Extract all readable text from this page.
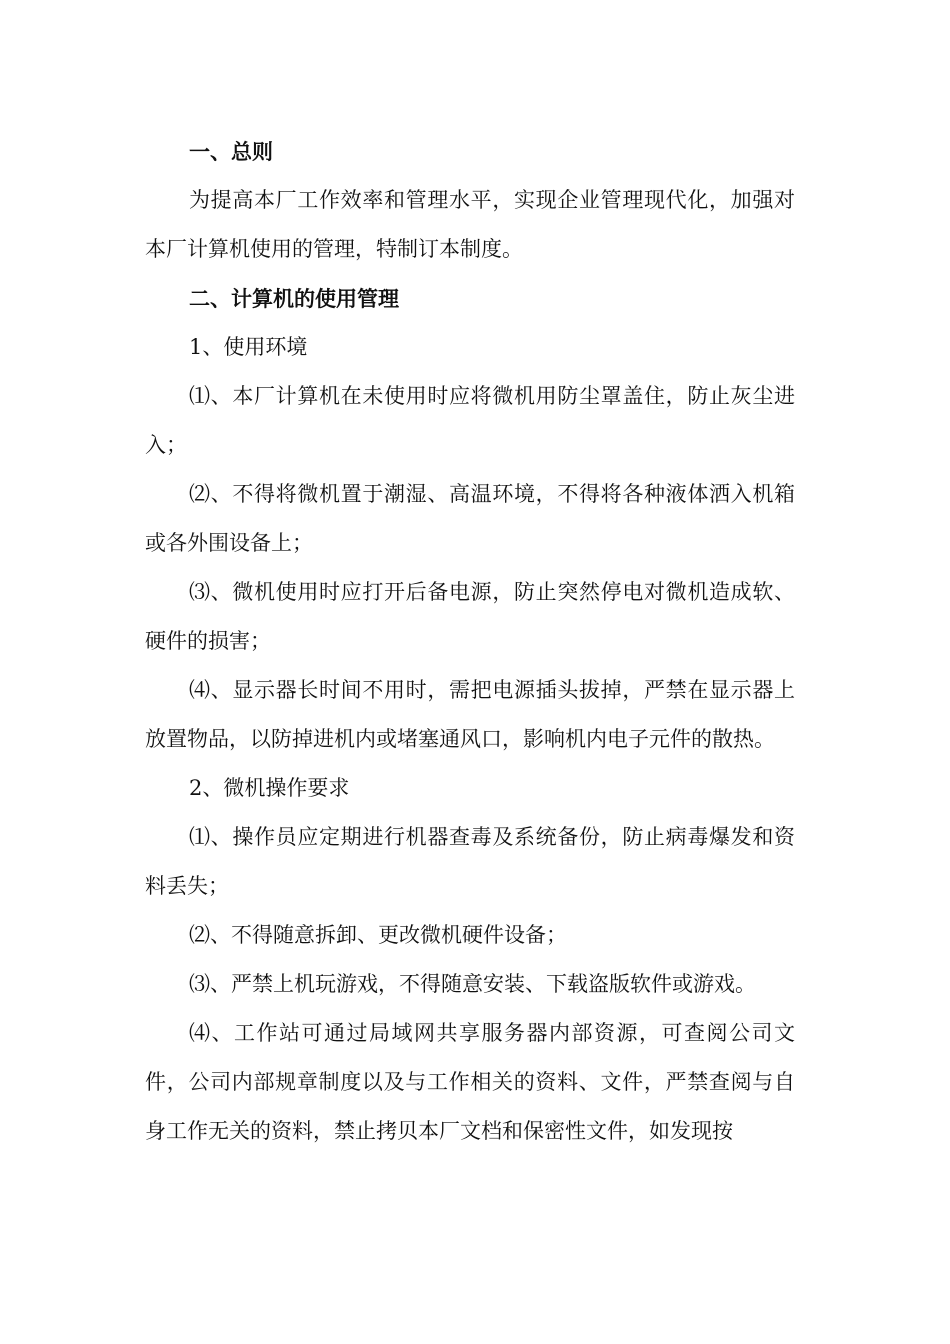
一、总则

为提高本厂工作效率和管理水平，实现企业管理现代化，加强对本厂计算机使用的管理，特制订本制度。

二、计算机的使用管理

1、使用环境

⑴、本厂计算机在未使用时应将微机用防尘罩盖住，防止灰尘进入；

⑵、不得将微机置于潮湿、高温环境，不得将各种液体洒入机箱或各外围设备上；

⑶、微机使用时应打开后备电源，防止突然停电对微机造成软、硬件的损害；

⑷、显示器长时间不用时，需把电源插头拔掉，严禁在显示器上放置物品，以防掉进机内或堵塞通风口，影响机内电子元件的散热。

2、微机操作要求

⑴、操作员应定期进行机器查毒及系统备份，防止病毒爆发和资料丢失；

⑵、不得随意拆卸、更改微机硬件设备；

⑶、严禁上机玩游戏，不得随意安装、下载盗版软件或游戏。

⑷、工作站可通过局域网共享服务器内部资源，可查阅公司文件，公司内部规章制度以及与工作相关的资料、文件，严禁查阅与自身工作无关的资料，禁止拷贝本厂文档和保密性文件，如发现按
